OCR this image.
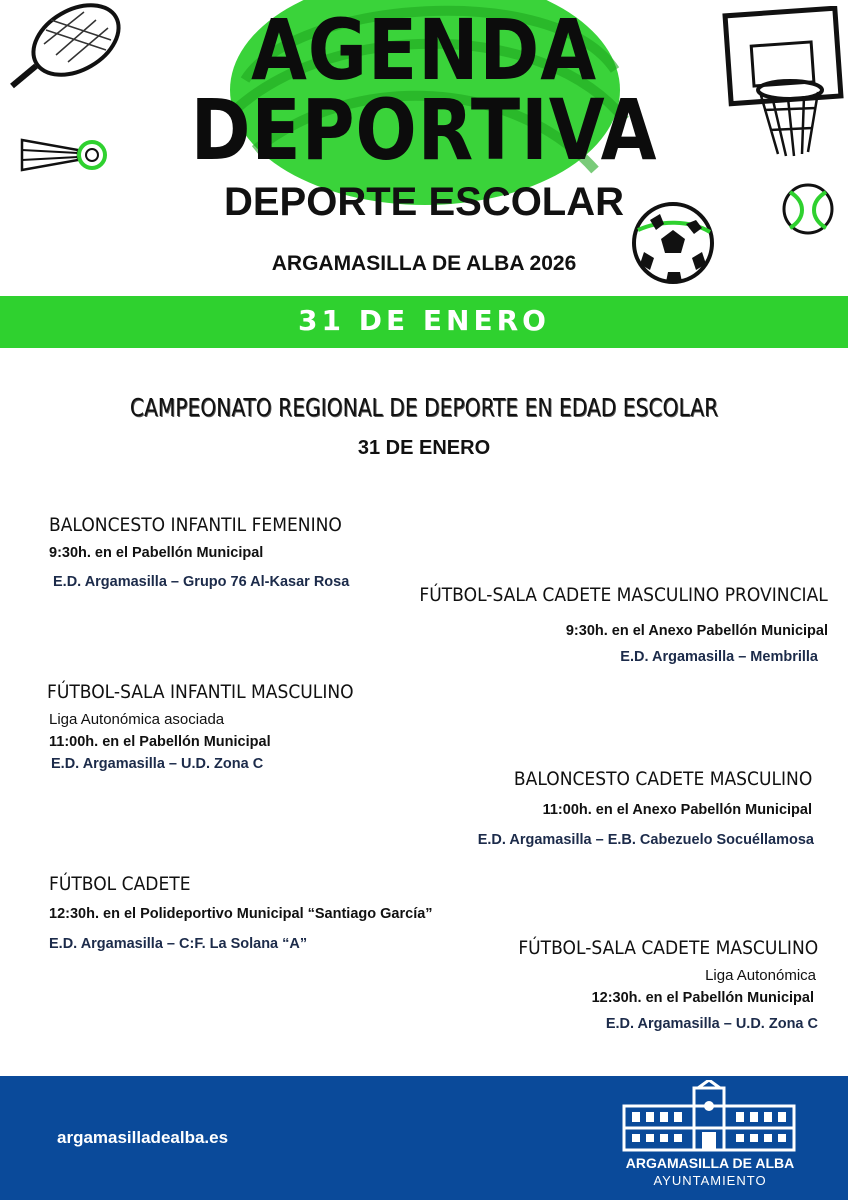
AGENDA
DEPORTIVA
DEPORTE ESCOLAR
ARGAMASILLA DE ALBA 2026
31 DE ENERO
CAMPEONATO REGIONAL DE DEPORTE EN EDAD ESCOLAR
31 DE ENERO
BALONCESTO INFANTIL FEMENINO
9:30h. en el Pabellón Municipal
E.D. Argamasilla – Grupo 76 Al-Kasar Rosa
FÚTBOL-SALA CADETE MASCULINO PROVINCIAL
9:30h. en el Anexo Pabellón Municipal
E.D. Argamasilla – Membrilla
FÚTBOL-SALA INFANTIL MASCULINO
Liga Autonómica asociada
11:00h. en el Pabellón Municipal
E.D. Argamasilla – U.D. Zona C
BALONCESTO CADETE MASCULINO
11:00h. en el Anexo Pabellón Municipal
E.D. Argamasilla – E.B. Cabezuelo Socuéllamosa
FÚTBOL CADETE
12:30h. en el Polideportivo Municipal “Santiago García”
E.D. Argamasilla – C:F. La Solana “A”	FÚTBOL-SALA CADETE MASCULINO
Liga Autonómica
12:30h. en el Pabellón Municipal
E.D. Argamasilla – U.D. Zona C
argamasilladealba.es
ARGAMASILLA DE ALBA
AYUNTAMIENTO
